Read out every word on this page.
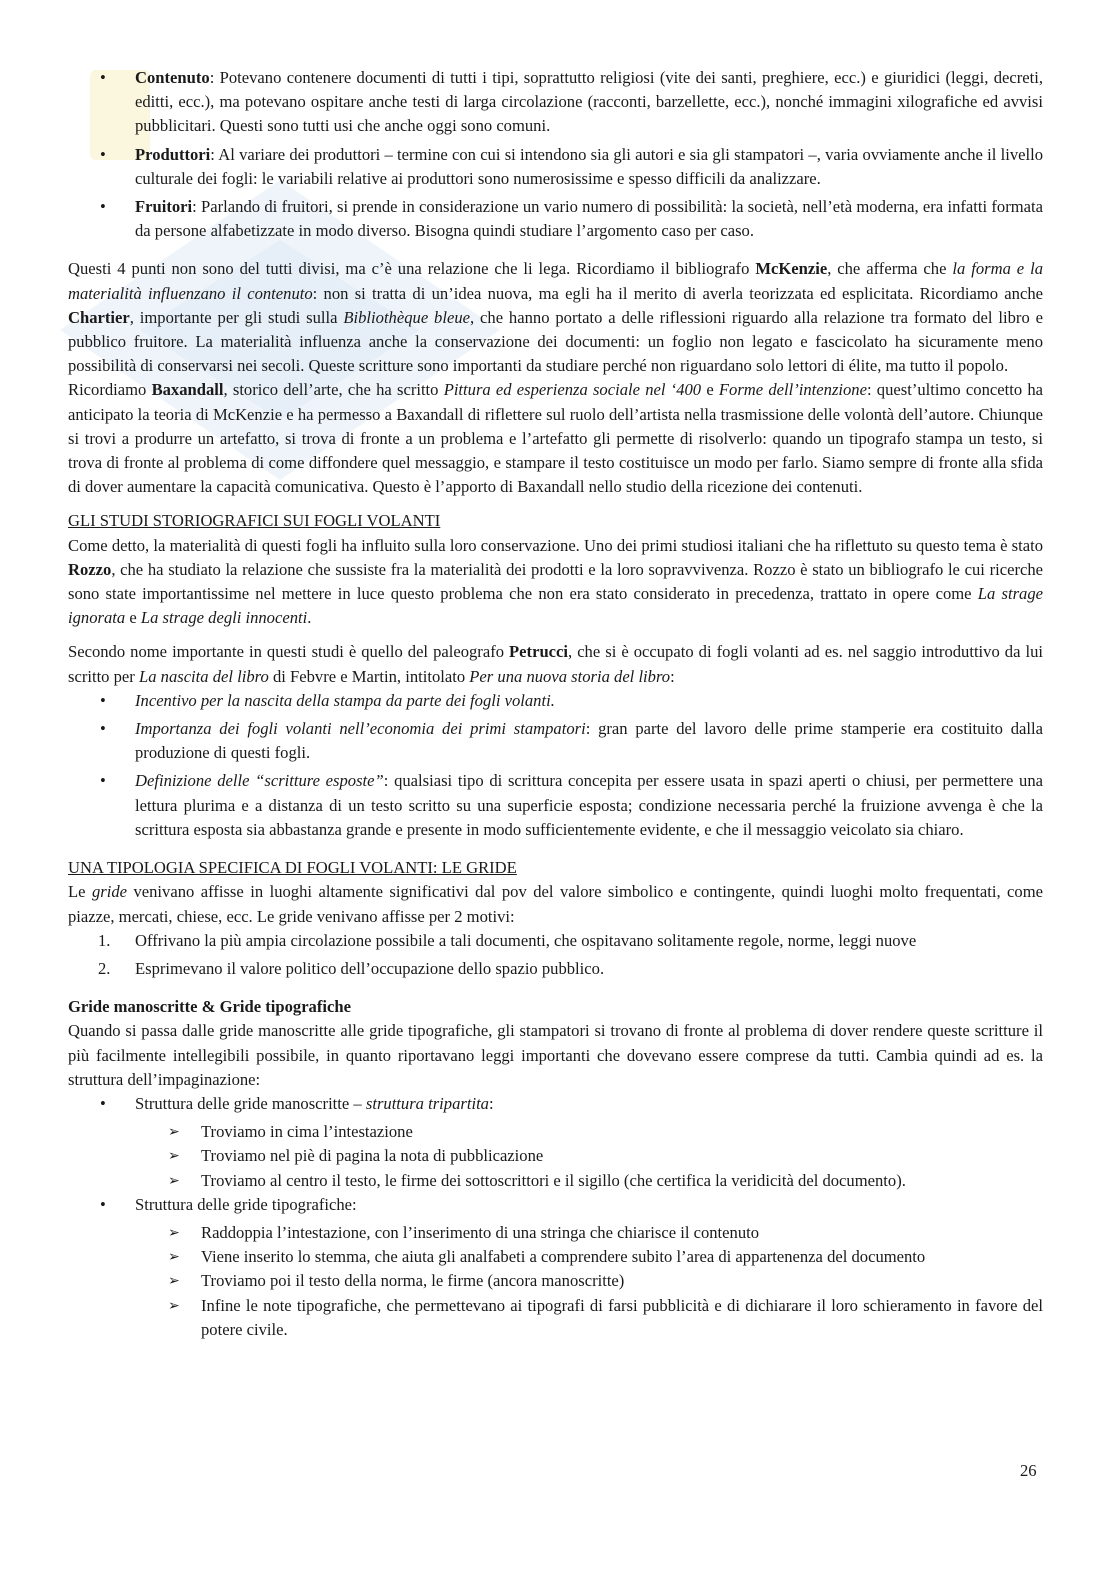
• Contenuto: Potevano contenere documenti di tutti i tipi, soprattutto religiosi (vite dei santi, preghiere, ecc.) e giuridici (leggi, decreti, editti, ecc.), ma potevano ospitare anche testi di larga circolazione (racconti, barzellette, ecc.), nonché immagini xilografiche ed avvisi pubblicitari. Questi sono tutti usi che anche oggi sono comuni.
• Produttori: Al variare dei produttori – termine con cui si intendono sia gli autori e sia gli stampatori –, varia ovviamente anche il livello culturale dei fogli: le variabili relative ai produttori sono numerosissime e spesso difficili da analizzare.
• Fruitori: Parlando di fruitori, si prende in considerazione un vario numero di possibilità: la società, nell’età moderna, era infatti formata da persone alfabetizzate in modo diverso. Bisogna quindi studiare l’argomento caso per caso.
Questi 4 punti non sono del tutti divisi, ma c’è una relazione che li lega. Ricordiamo il bibliografo McKenzie, che afferma che la forma e la materialità influenzano il contenuto: non si tratta di un’idea nuova, ma egli ha il merito di averla teorizzata ed esplicitata. Ricordiamo anche Chartier, importante per gli studi sulla Bibliothèque bleue, che hanno portato a delle riflessioni riguardo alla relazione tra formato del libro e pubblico fruitore. La materialità influenza anche la conservazione dei documenti: un foglio non legato e fascicolato ha sicuramente meno possibilità di conservarsi nei secoli. Queste scritture sono importanti da studiare perché non riguardano solo lettori di élite, ma tutto il popolo.
Ricordiamo Baxandall, storico dell’arte, che ha scritto Pittura ed esperienza sociale nel ‘400 e Forme dell’intenzione: quest’ultimo concetto ha anticipato la teoria di McKenzie e ha permesso a Baxandall di riflettere sul ruolo dell’artista nella trasmissione delle volontà dell’autore. Chiunque si trovi a produrre un artefatto, si trova di fronte a un problema e l’artefatto gli permette di risolverlo: quando un tipografo stampa un testo, si trova di fronte al problema di come diffondere quel messaggio, e stampare il testo costituisce un modo per farlo. Siamo sempre di fronte alla sfida di dover aumentare la capacità comunicativa. Questo è l’apporto di Baxandall nello studio della ricezione dei contenuti.
GLI STUDI STORIOGRAFICI SUI FOGLI VOLANTI
Come detto, la materialità di questi fogli ha influito sulla loro conservazione. Uno dei primi studiosi italiani che ha riflettuto su questo tema è stato Rozzo, che ha studiato la relazione che sussiste fra la materialità dei prodotti e la loro sopravvivenza. Rozzo è stato un bibliografo le cui ricerche sono state importantissime nel mettere in luce questo problema che non era stato considerato in precedenza, trattato in opere come La strage ignorata e La strage degli innocenti.
Secondo nome importante in questi studi è quello del paleografo Petrucci, che si è occupato di fogli volanti ad es. nel saggio introduttivo da lui scritto per La nascita del libro di Febvre e Martin, intitolato Per una nuova storia del libro:
• Incentivo per la nascita della stampa da parte dei fogli volanti.
• Importanza dei fogli volanti nell’economia dei primi stampatori: gran parte del lavoro delle prime stamperie era costituito dalla produzione di questi fogli.
• Definizione delle “scritture esposte”: qualsiasi tipo di scrittura concepita per essere usata in spazi aperti o chiusi, per permettere una lettura plurima e a distanza di un testo scritto su una superficie esposta; condizione necessaria perché la fruizione avvenga è che la scrittura esposta sia abbastanza grande e presente in modo sufficientemente evidente, e che il messaggio veicolato sia chiaro.
UNA TIPOLOGIA SPECIFICA DI FOGLI VOLANTI: LE GRIDE
Le gride venivano affisse in luoghi altamente significativi dal pov del valore simbolico e contingente, quindi luoghi molto frequentati, come piazze, mercati, chiese, ecc. Le gride venivano affisse per 2 motivi:
1. Offrivano la più ampia circolazione possibile a tali documenti, che ospitavano solitamente regole, norme, leggi nuove
2. Esprimevano il valore politico dell’occupazione dello spazio pubblico.
Gride manoscritte & Gride tipografiche
Quando si passa dalle gride manoscritte alle gride tipografiche, gli stampatori si trovano di fronte al problema di dover rendere queste scritture il più facilmente intellegibili possibile, in quanto riportavano leggi importanti che dovevano essere comprese da tutti. Cambia quindi ad es. la struttura dell’impaginazione:
• Struttura delle gride manoscritte – struttura tripartita:
➢ Troviamo in cima l’intestazione
➢ Troviamo nel piè di pagina la nota di pubblicazione
➢ Troviamo al centro il testo, le firme dei sottoscrittori e il sigillo (che certifica la veridicità del documento).
• Struttura delle gride tipografiche:
➢ Raddoppia l’intestazione, con l’inserimento di una stringa che chiarisce il contenuto
➢ Viene inserito lo stemma, che aiuta gli analfabeti a comprendere subito l’area di appartenenza del documento
➢ Troviamo poi il testo della norma, le firme (ancora manoscritte)
➢ Infine le note tipografiche, che permettevano ai tipografi di farsi pubblicità e di dichiarare il loro schieramento in favore del potere civile.
26
